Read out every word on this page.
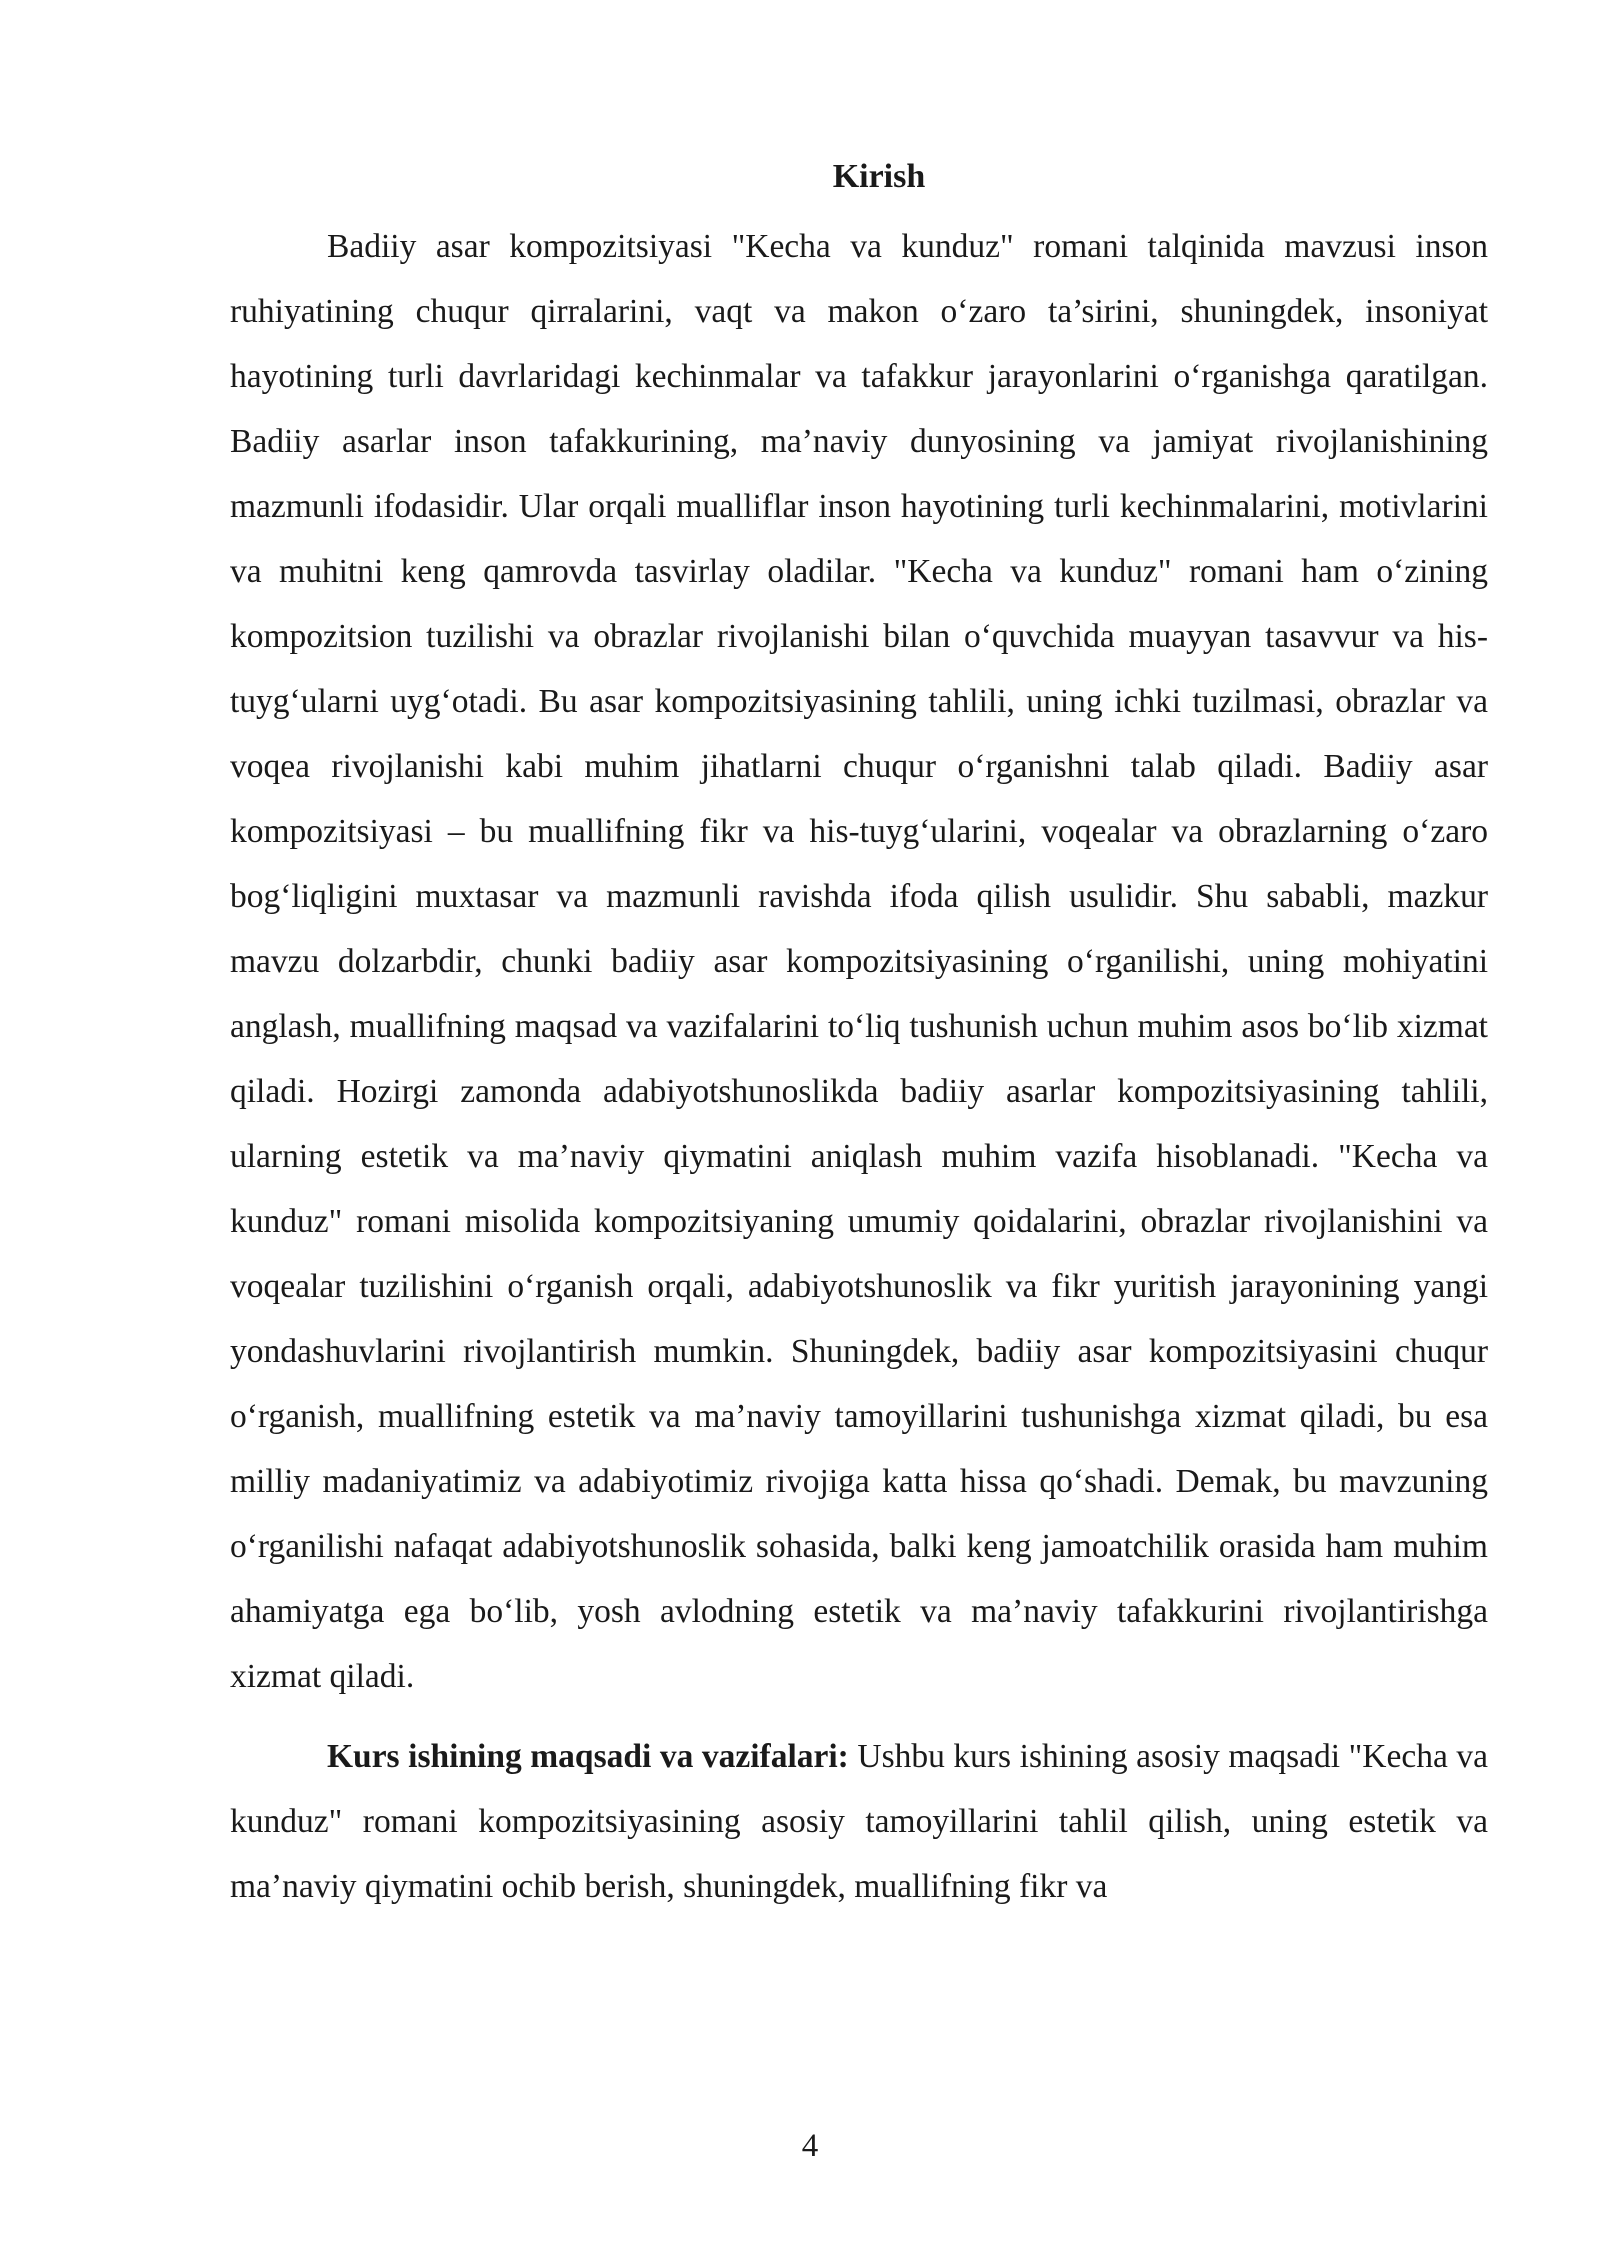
Kirish

Badiiy asar kompozitsiyasi "Kecha va kunduz" romani talqinida mavzusi inson ruhiyatining chuqur qirralarini, vaqt va makon o‘zaro ta’sirini, shuningdek, insoniyat hayotining turli davrlaridagi kechinmalar va tafakkur jarayonlarini o‘rganishga qaratilgan. Badiiy asarlar inson tafakkurining, ma’naviy dunyosining va jamiyat rivojlanishining mazmunli ifodasidir. Ular orqali mualliflar inson hayotining turli kechinmalarini, motivlarini va muhitni keng qamrovda tasvirlay oladilar. "Kecha va kunduz" romani ham o‘zining kompozitsion tuzilishi va obrazlar rivojlanishi bilan o‘quvchida muayyan tasavvur va his-tuyg‘ularni uyg‘otadi. Bu asar kompozitsiyasining tahlili, uning ichki tuzilmasi, obrazlar va voqea rivojlanishi kabi muhim jihatlarni chuqur o‘rganishni talab qiladi. Badiiy asar kompozitsiyasi – bu muallifning fikr va his-tuyg‘ularini, voqealar va obrazlarning o‘zaro bog‘liqligini muxtasar va mazmunli ravishda ifoda qilish usulidir. Shu sababli, mazkur mavzu dolzarbdir, chunki badiiy asar kompozitsiyasining o‘rganilishi, uning mohiyatini anglash, muallifning maqsad va vazifalarini to‘liq tushunish uchun muhim asos bo‘lib xizmat qiladi. Hozirgi zamonda adabiyotshunoslikda badiiy asarlar kompozitsiyasining tahlili, ularning estetik va ma’naviy qiymatini aniqlash muhim vazifa hisoblanadi. "Kecha va kunduz" romani misolida kompozitsiyaning umumiy qoidalarini, obrazlar rivojlanishini va voqealar tuzilishini o‘rganish orqali, adabiyotshunoslik va fikr yuritish jarayonining yangi yondashuvlarini rivojlantirish mumkin. Shuningdek, badiiy asar kompozitsiyasini chuqur o‘rganish, muallifning estetik va ma’naviy tamoyillarini tushunishga xizmat qiladi, bu esa milliy madaniyatimiz va adabiyotimiz rivojiga katta hissa qo‘shadi. Demak, bu mavzuning o‘rganilishi nafaqat adabiyotshunoslik sohasida, balki keng jamoatchilik orasida ham muhim ahamiyatga ega bo‘lib, yosh avlodning estetik va ma’naviy tafakkurini rivojlantirishga xizmat qiladi.

Kurs ishining maqsadi va vazifalari: Ushbu kurs ishining asosiy maqsadi "Kecha va kunduz" romani kompozitsiyasining asosiy tamoyillarini tahlil qilish, uning estetik va ma’naviy qiymatini ochib berish, shuningdek, muallifning fikr va

4
